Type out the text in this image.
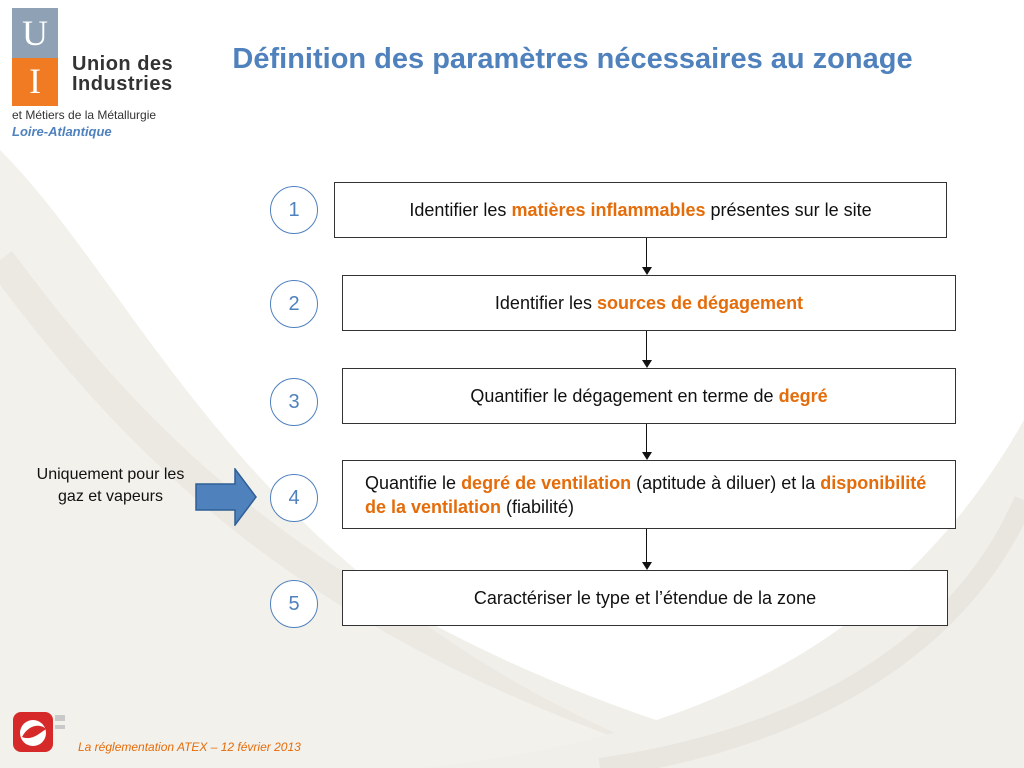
U
I	Union des
Industries
et Métiers de la Métallurgie
Loire-Atlantique
Définition des paramètres nécessaires au zonage
1
2
3
4
5
Identifier les matières inflammables présentes sur le site
Identifier les sources de dégagement
Quantifier le dégagement en terme de degré
Quantifie le degré de ventilation (aptitude à diluer) et la disponibilité de la ventilation (fiabilité)
Caractériser le type et l’étendue de la zone
Uniquement pour les gaz et vapeurs
La réglementation ATEX – 12 février 2013
